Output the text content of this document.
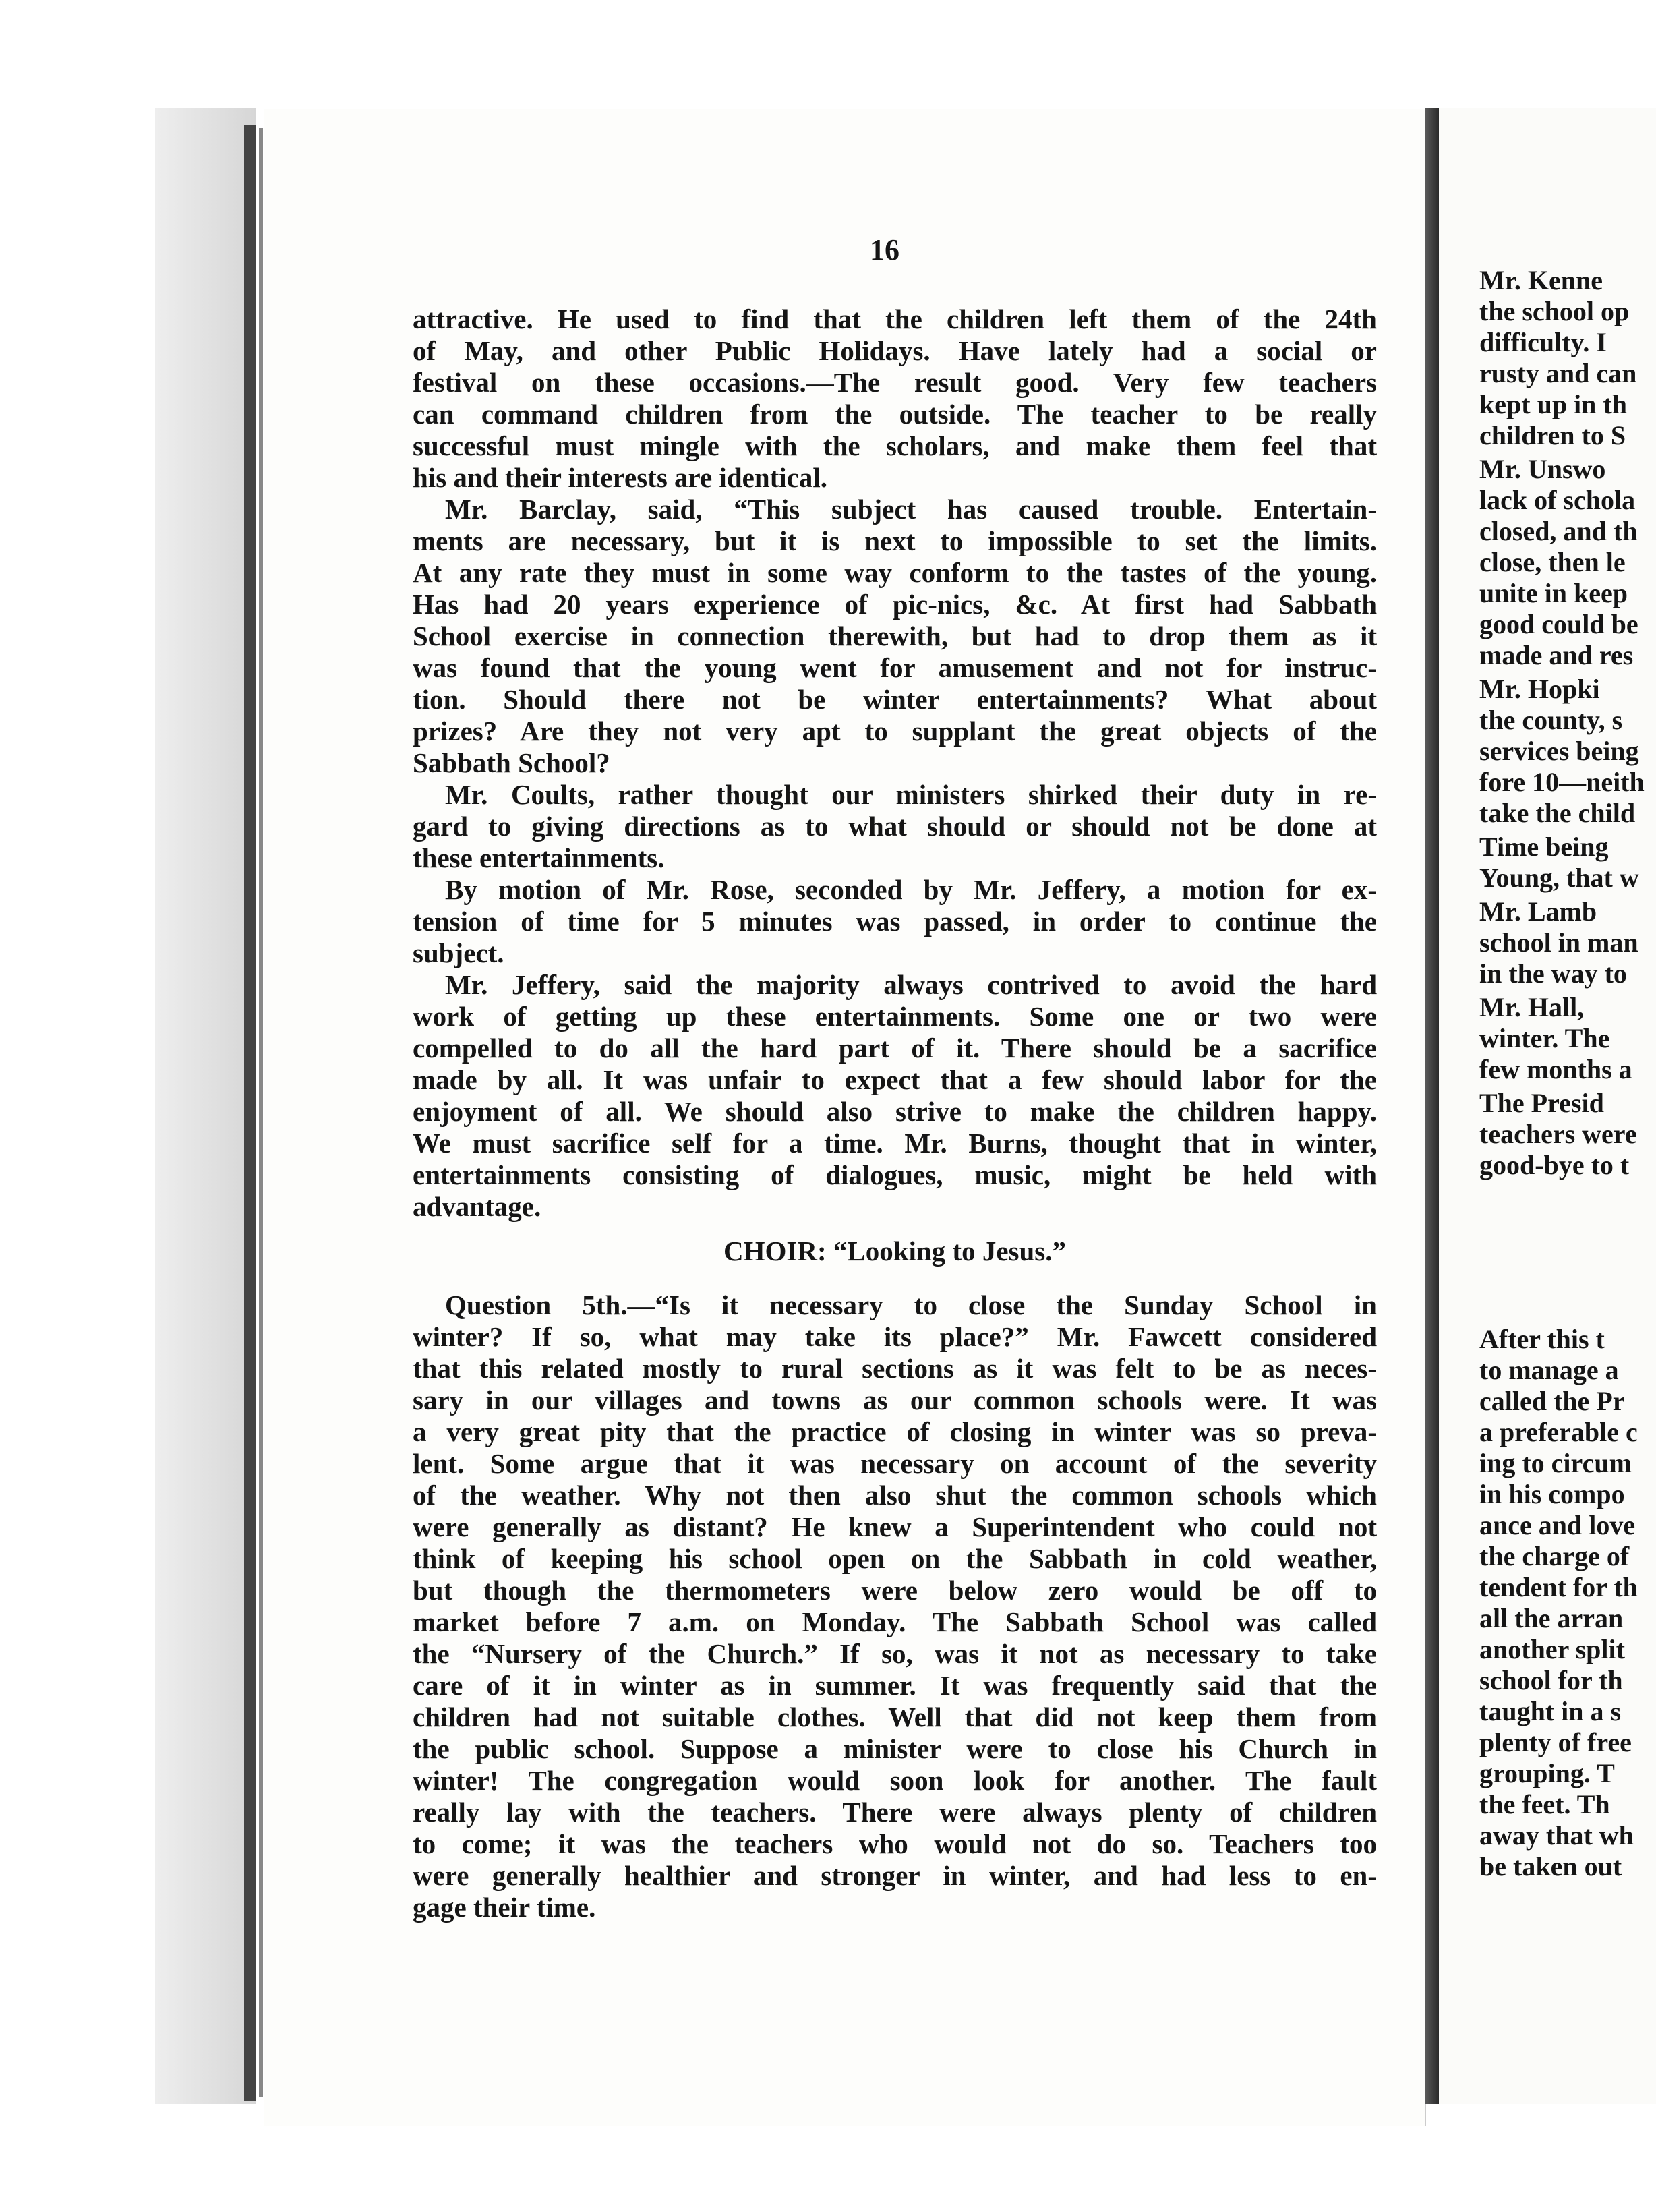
16
attractive. He used to find that the children left them of the 24th
of May, and other Public Holidays. Have lately had a social or
festival on these occasions.—The result good. Very few teachers
can command children from the outside. The teacher to be really
successful must mingle with the scholars, and make them feel that
his and their interests are identical.
Mr. Barclay, said, “This subject has caused trouble. Entertain-
ments are necessary, but it is next to impossible to set the limits.
At any rate they must in some way conform to the tastes of the young.
Has had 20 years experience of pic-nics, &c. At first had Sabbath
School exercise in connection therewith, but had to drop them as it
was found that the young went for amusement and not for instruc-
tion. Should there not be winter entertainments? What about
prizes? Are they not very apt to supplant the great objects of the
Sabbath School?
Mr. Coults, rather thought our ministers shirked their duty in re-
gard to giving directions as to what should or should not be done at
these entertainments.
By motion of Mr. Rose, seconded by Mr. Jeffery, a motion for ex-
tension of time for 5 minutes was passed, in order to continue the
subject.
Mr. Jeffery, said the majority always contrived to avoid the hard
work of getting up these entertainments. Some one or two were
compelled to do all the hard part of it. There should be a sacrifice
made by all. It was unfair to expect that a few should labor for the
enjoyment of all. We should also strive to make the children happy.
We must sacrifice self for a time. Mr. Burns, thought that in winter,
entertainments consisting of dialogues, music, might be held with
advantage.
CHOIR: “Looking to Jesus.”
Question 5th.—“Is it necessary to close the Sunday School in
winter? If so, what may take its place?” Mr. Fawcett considered
that this related mostly to rural sections as it was felt to be as neces-
sary in our villages and towns as our common schools were. It was
a very great pity that the practice of closing in winter was so preva-
lent. Some argue that it was necessary on account of the severity
of the weather. Why not then also shut the common schools which
were generally as distant? He knew a Superintendent who could not
think of keeping his school open on the Sabbath in cold weather,
but though the thermometers were below zero would be off to
market before 7 a.m. on Monday. The Sabbath School was called
the “Nursery of the Church.” If so, was it not as necessary to take
care of it in winter as in summer. It was frequently said that the
children had not suitable clothes. Well that did not keep them from
the public school. Suppose a minister were to close his Church in
winter! The congregation would soon look for another. The fault
really lay with the teachers. There were always plenty of children
to come; it was the teachers who would not do so. Teachers too
were generally healthier and stronger in winter, and had less to en-
gage their time.
Mr. Kenne
the school op
difficulty. I
rusty and can
kept up in th
children to S
Mr. Unswo
lack of schola
closed, and th
close, then le
unite in keep
good could be
made and res
Mr. Hopki
the county, s
services being
fore 10—neith
take the child
Time being
Young, that w
Mr. Lamb
school in man
in the way to
Mr. Hall,
winter. The
few months a
The Presid
teachers were
good-bye to t
After this t
to manage a
called the Pr
a preferable c
ing to circum
in his compo
ance and love
the charge of
tendent for th
all the arran
another split
school for th
taught in a s
plenty of free
grouping. T
the feet. Th
away that wh
be taken out
